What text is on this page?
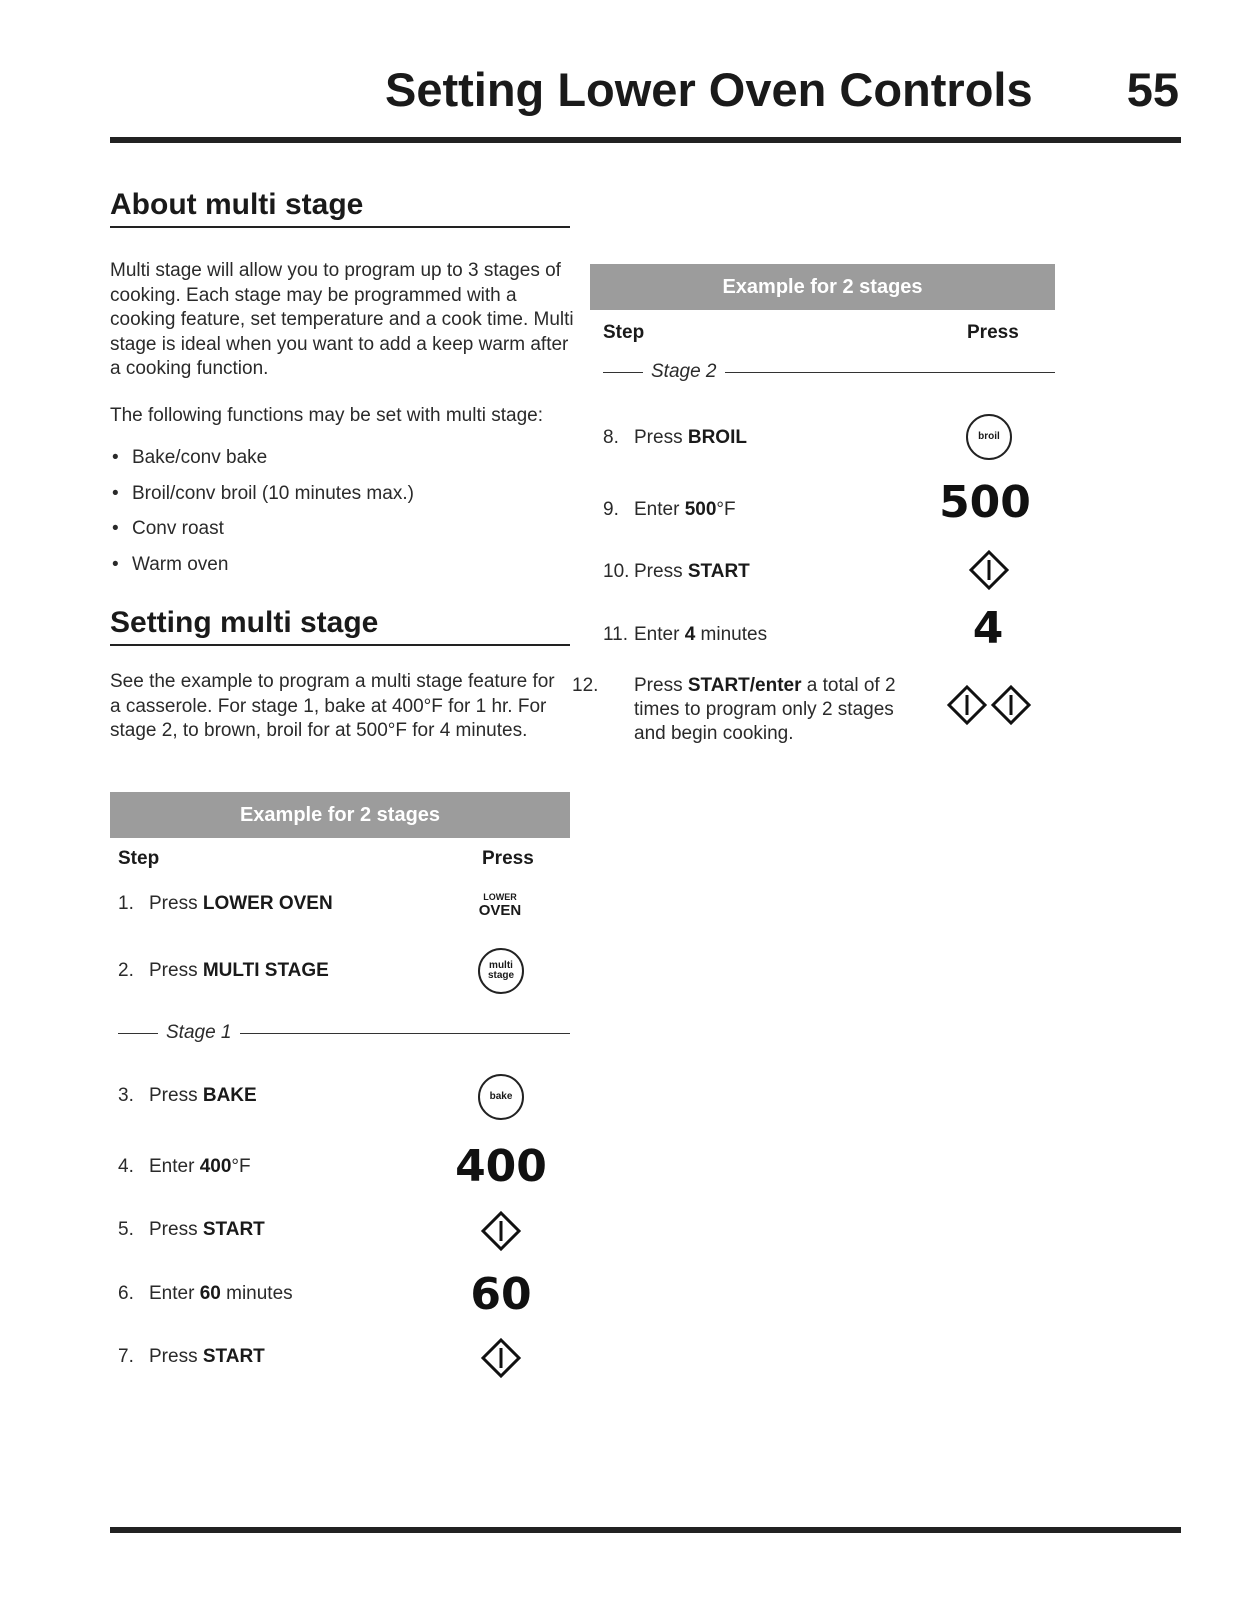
Setting Lower Oven Controls 55
About multi stage
Multi stage will allow you to program up to 3 stages of cooking. Each stage may be programmed with a cooking feature, set temperature and a cook time. Multi stage is ideal when you want to add a keep warm after a cooking function.
The following functions may be set with multi stage:
• Bake/conv bake
• Broil/conv broil (10 minutes max.)
• Conv roast
• Warm oven
Setting multi stage
See the example to program a multi stage feature for a casserole. For stage 1, bake at 400°F for 1 hr. For stage 2, to brown, broil for at 500°F for 4 minutes.
Example for 2 stages
Step	Press
1. Press LOWER OVEN	LOWER
OVEN
2. Press MULTI STAGE	multi
stage
Stage 1
3. Press BAKE	bake
4. Enter 400°F	400
5. Press START
6. Enter 60 minutes	60
7. Press START
Example for 2 stages
Step	Press
Stage 2
8. Press BROIL	broil
9. Enter 500°F	500
10. Press START
11. Enter 4 minutes	4
12. Press START/enter a total of 2 times to program only 2 stages and begin cooking.
